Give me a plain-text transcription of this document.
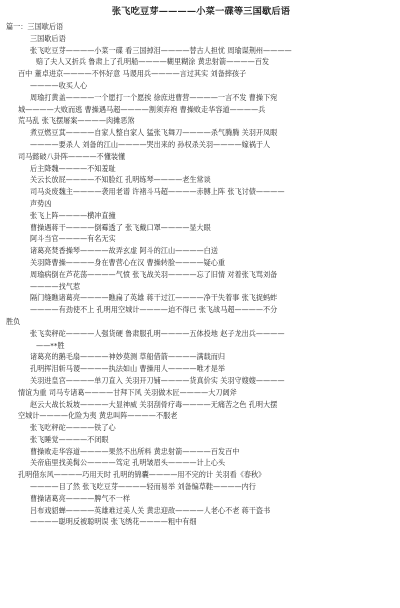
张飞吃豆芽————小菜一碟等三国歇后语
篇一：三国歇后语
三国歇后语
张飞吃豆芽————小菜一碟 看三国掉泪————替古人担忧 周瑜谋荆州————
赔了夫人又折兵 鲁肃上了孔明船————糊里糊涂 黄忠射箭————百发
百中 董卓进京————不怀好意 马谡用兵————言过其实 刘备摔孩子
————收买人心
周瑜打黄盖————一个愿打一个愿挨 徐庶进曹营————一言不发 曹操下宛
城————大败而逃 曹操遇马超————割须弃袍 曹操败走华容道————兵
荒马乱 张飞摆屠案————肉摊恶煞
煮豆燃豆萁————自家人整自家人 猛张飞舞刀————杀气腾腾 关羽开凤眼
————要杀人 刘备的江山————哭出来的 孙权杀关羽————嫁祸于人
司马懿破八卦阵————不懂装懂
后主降魏————不知羞耻
关云长放屁————不知脸红 孔明练琴————老生常谈
司马炎废魏主————袭用老谱 许褚斗马超————赤膊上阵 张飞讨债————
声势凶
张飞上阵————横冲直撞
曹操遇蒋干————倒霉透了 张飞戴口罩————显大眼
阿斗当官————有名无实
诸葛亮焚香操琴————故弄玄虚 阿斗的江山————白送
关羽降曹操————身在曹营心在汉 曹操转脸————疑心重
周瑜病倒在芦花荡————气愤 张飞战关羽————忘了旧情 对着张飞骂刘备
————找气惹
隔门缝瞧诸葛亮————瞧扁了英雄 蒋干过江————净干失着事 张飞捉蚂蚱
————有劲使不上 孔明用空城计————迫不得已 张飞战马超————不分
胜负
张飞卖秤砣————人强货硬 鲁肃服孔明————五体投地 赵子龙出兵————
——**胜
诸葛亮的鹅毛扇————神妙莫测 草船借箭————满载而归
孔明挥泪斩马谡————执法如山 曹操用人————唯才是举
关羽进皇宫————单刀直入 关羽开刀铺————货真价实 关羽守嫂嫂————
情谊为重 司马专诸葛————甘拜下风 关羽做木匠————大刀阔斧
赵云大战长坂坡————大显神威 关羽刮骨疗毒————无痛苦之色 孔明大摆
空城计————化险为夷 黄忠叫阵————不服老
张飞吃秤砣————铁了心
张飞睡觉————不闭眼
曹操败走华容道————果然不出所料 黄忠射箭————百发百中
关帝庙里找美髯公————笃定 孔明皱眉头————计上心头
孔明借东风————巧用天时 孔明的锦囊————用不完的计 关羽看《春秋》
————目了然 张飞吃豆芽————轻而易举 刘备编草鞋————内行
曹操诸葛亮————脾气不一样
吕布戏貂蝉————英雄难过美人关 黄忠迎敌————人老心不老 蒋干盗书
————聪明反被聪明误 张飞绣花————粗中有细
